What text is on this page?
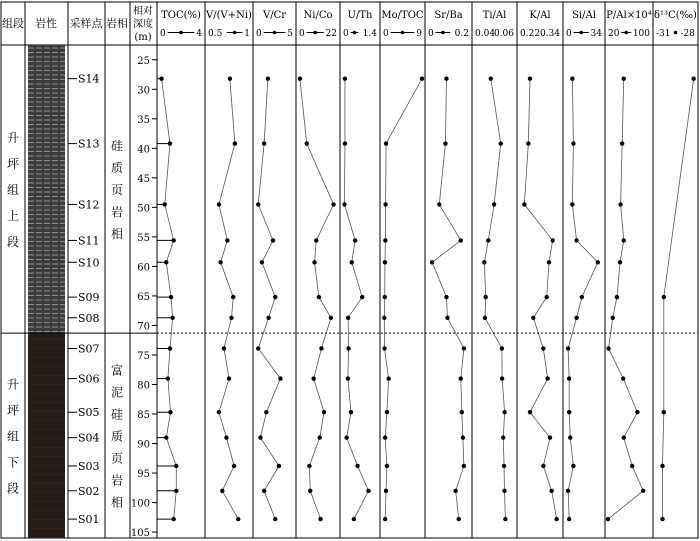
组段 岩性 采样点 岩相
相对
深度
(m)
升
坪
组
上
段
硅
质
页
岩
相
升
坪
组
下
段
富
泥
硅
质
页
岩
相
S14
S13
S12
S11
S10
S09
S08
S07
S06
S05
S04
S03
S02
S01
25
30
35
40
45
50
55
60
65
70
75
80
85
90
95
100
105
TOC(%)
0	4
V/(V+Ni)
0.5 1
V/Cr
0	5
Ni/Co
0 22
U/Th
0 1.4
Mo/TOC
0	9
Sr/Ba
0 0.2
Ti/Al
0.04
0.06
K/Al
0.22 0.34
Si/Al
0 34
P/Al×10⁴
20 100
δ¹³C(‰)
-31 -28
